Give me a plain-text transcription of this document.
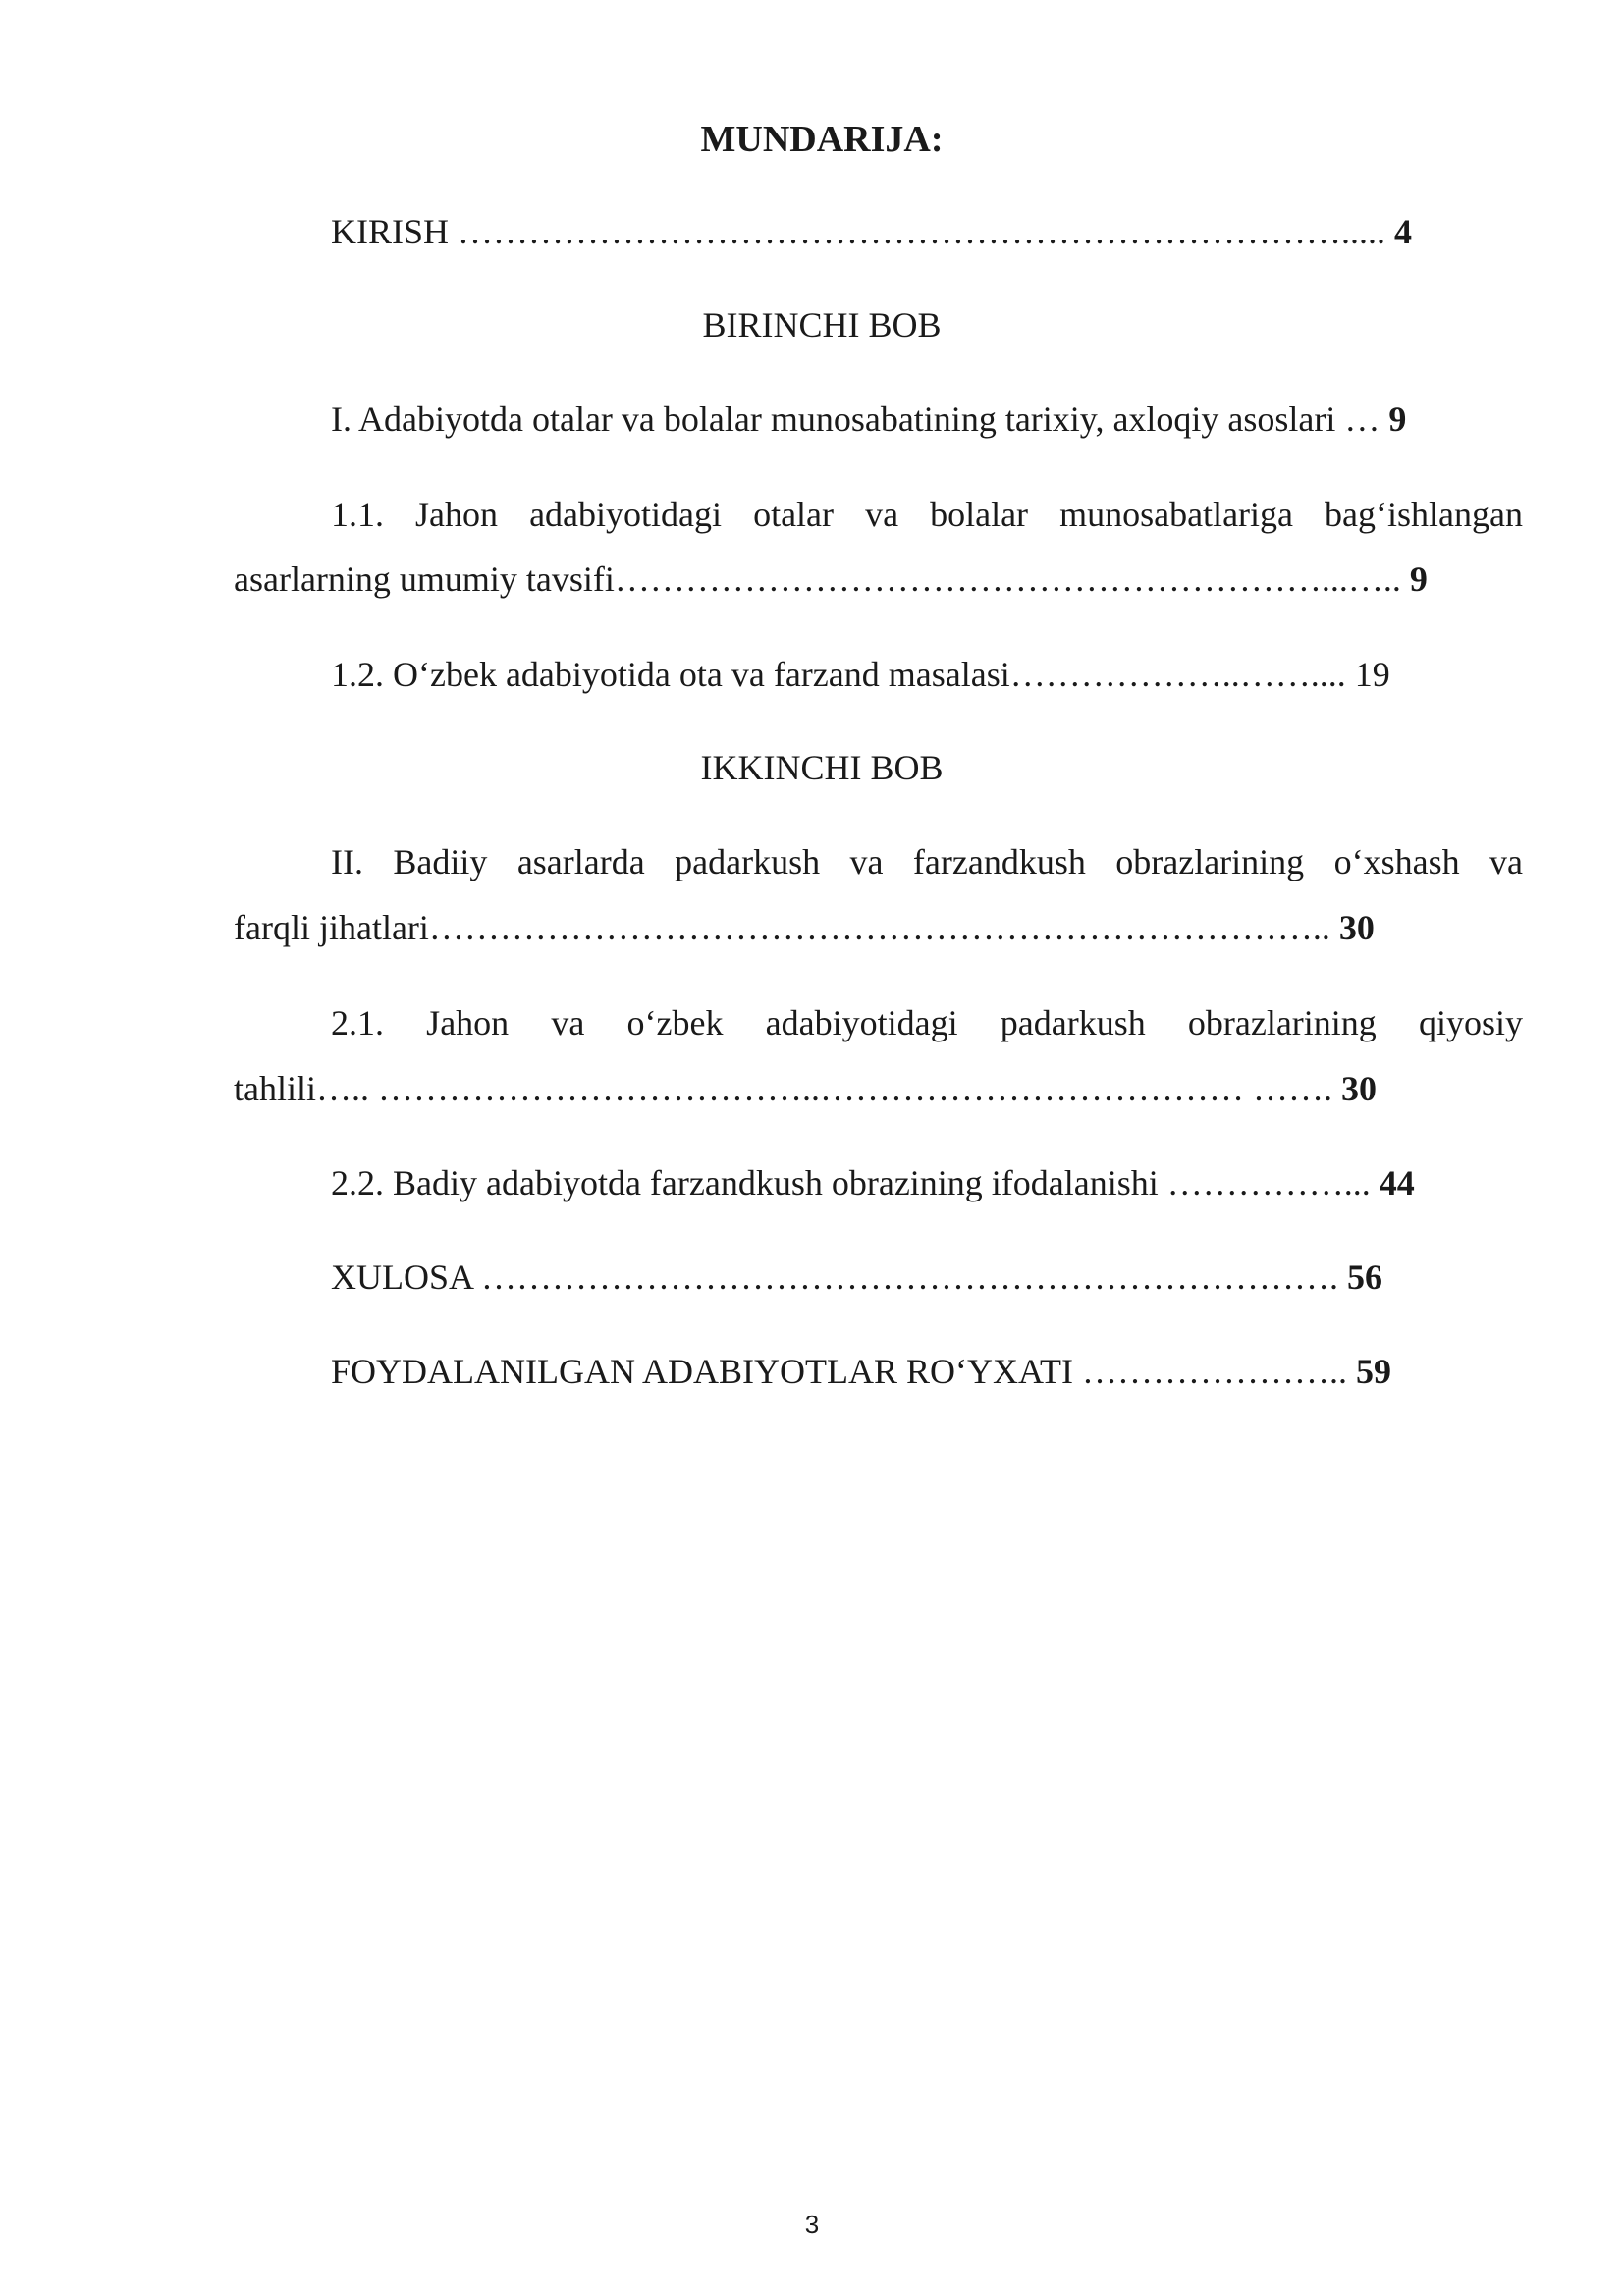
MUNDARIJA:
KIRISH …………………………………………………………………..... 4
BIRINCHI BOB
I. Adabiyotda otalar va bolalar munosabatining tarixiy, axloqiy asoslari … 9
1.1. Jahon adabiyotidagi otalar va bolalar munosabatlariga bag‘ishlangan
asarlarning umumiy tavsifi……………………………………………………...….. 9
1.2. O‘zbek adabiyotida ota va farzand masalasi………………..…….... 19
IKKINCHI BOB
II. Badiiy asarlarda padarkush va farzandkush obrazlarining o‘xshash va
farqli jihatlari………………………………………………………………….. 30
2.1. Jahon va o‘zbek adabiyotidagi padarkush obrazlarining qiyosiy
tahlili….. ………………………………..……………………………… ……. 30
2.2. Badiy adabiyotda farzandkush obrazining ifodalanishi ……………... 44
XULOSA ………………………………………………………………. 56
FOYDALANILGAN ADABIYOTLAR RO‘YXATI ………………….. 59
3
